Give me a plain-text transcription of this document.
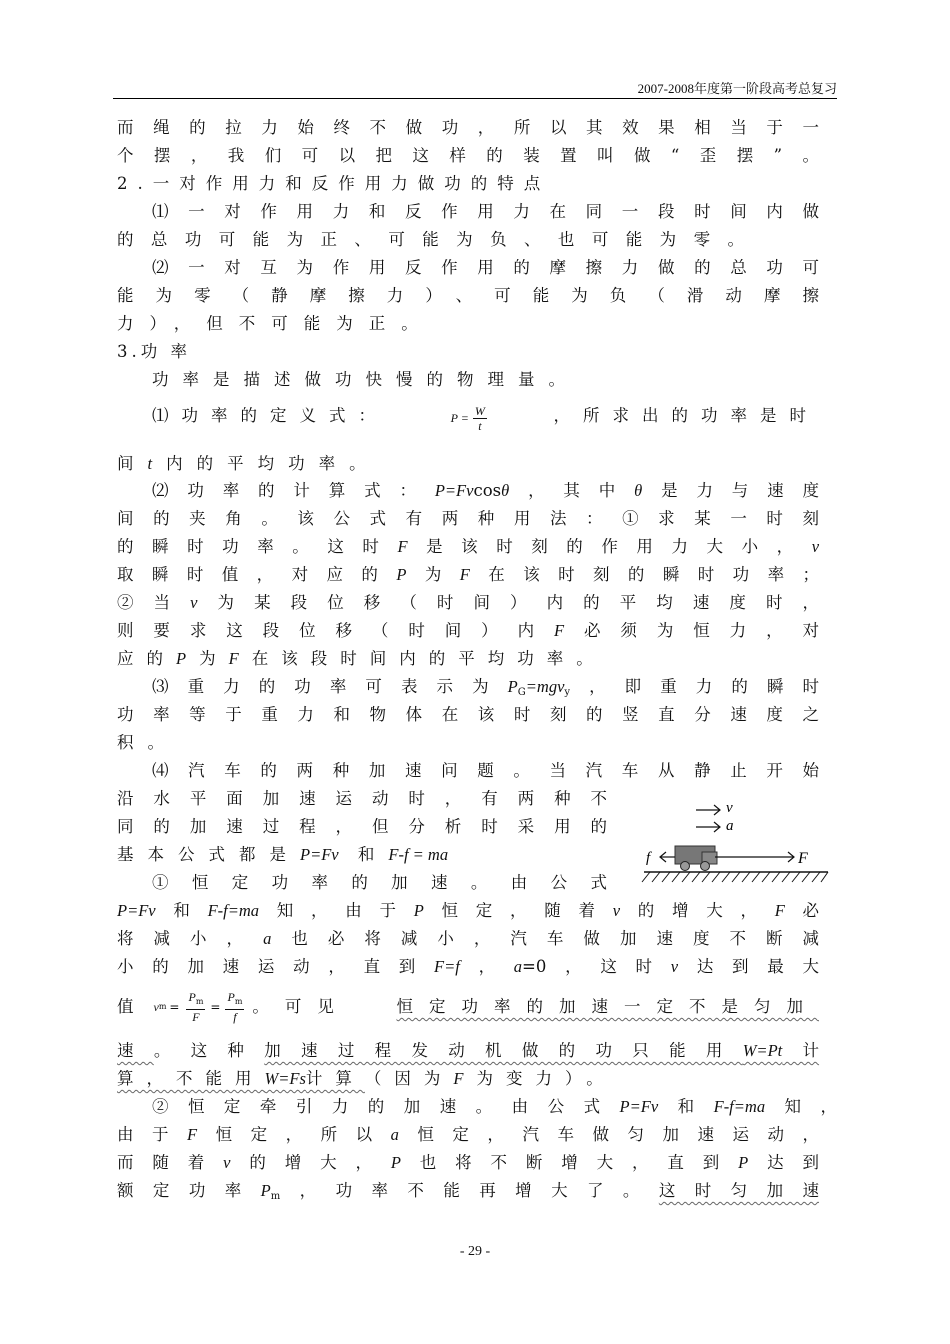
2007-2008年度第一阶段高考总复习
而绳的拉力始终不做功，所以其效果相当于一
个摆，我们可以把这样的装置叫做“歪摆”。
2.一对作用力和反作用力做功的特点
⑴一对作用力和反作用力在同一段时间内做
的总功可能为正、可能为负、也可能为零。
⑵一对互为作用反作用的摩擦力做的总功可
能为零（静摩擦力）、可能为负（滑动摩擦
力），但不可能为正。
3.功 率
功率是描述做功快慢的物理量。
⑴功率的定义式：	$P = \frac{W}{t}$	，所求出的功率是时
间t内的平均功率。
⑵功率的计算式：P=Fvcosθ，其中θ是力与速度
间的夹角。该公式有两种用法：①求某一时刻
的瞬时功率。这时F是该时刻的作用力大小，v
取瞬时值，对应的P为F在该时刻的瞬时功率；
②当v为某段位移（时间）内的平均速度时，
则要求这段位移（时间）内F必须为恒力，对
应的P为F在该段时间内的平均功率。
⑶重力的功率可表示为$P_G=mgv_y$，即重力的瞬时
功率等于重力和物体在该时刻的竖直分速度之
积。
⑷汽车的两种加速问题。当汽车从静止开始
沿水平面加速运动时，有两种不
同的加速过程，但分析时采用的
基本公式都是P=Fv 和F-f = ma
①恒定功率的加速。由公式
P=Fv和F-f=ma知，由于P恒定，随着v的增大，F必
将减小，a也必将减小，汽车做加速度不断减
小的加速运动，直到F=f，a=0，这时v达到最大
值 v $m = \frac{P_m}{F} = \frac{P_m}{f}$ 。可见	恒定功率的加速一定不是匀加
速。这种加速过程发动机做的功只能用W=Pt计
算，不能用W=Fs计算（因为F为变力）。
②恒定牵引力的加速。由公式P=Fv和F-f=ma知，
由于F恒定，所以a恒定，汽车做匀加速运动，
而随着v的增大，P也将不断增大，直到P达到
额定功率$P_m$，功率不能再增大了。这时匀加速
v
a
f	F
- 29 -
